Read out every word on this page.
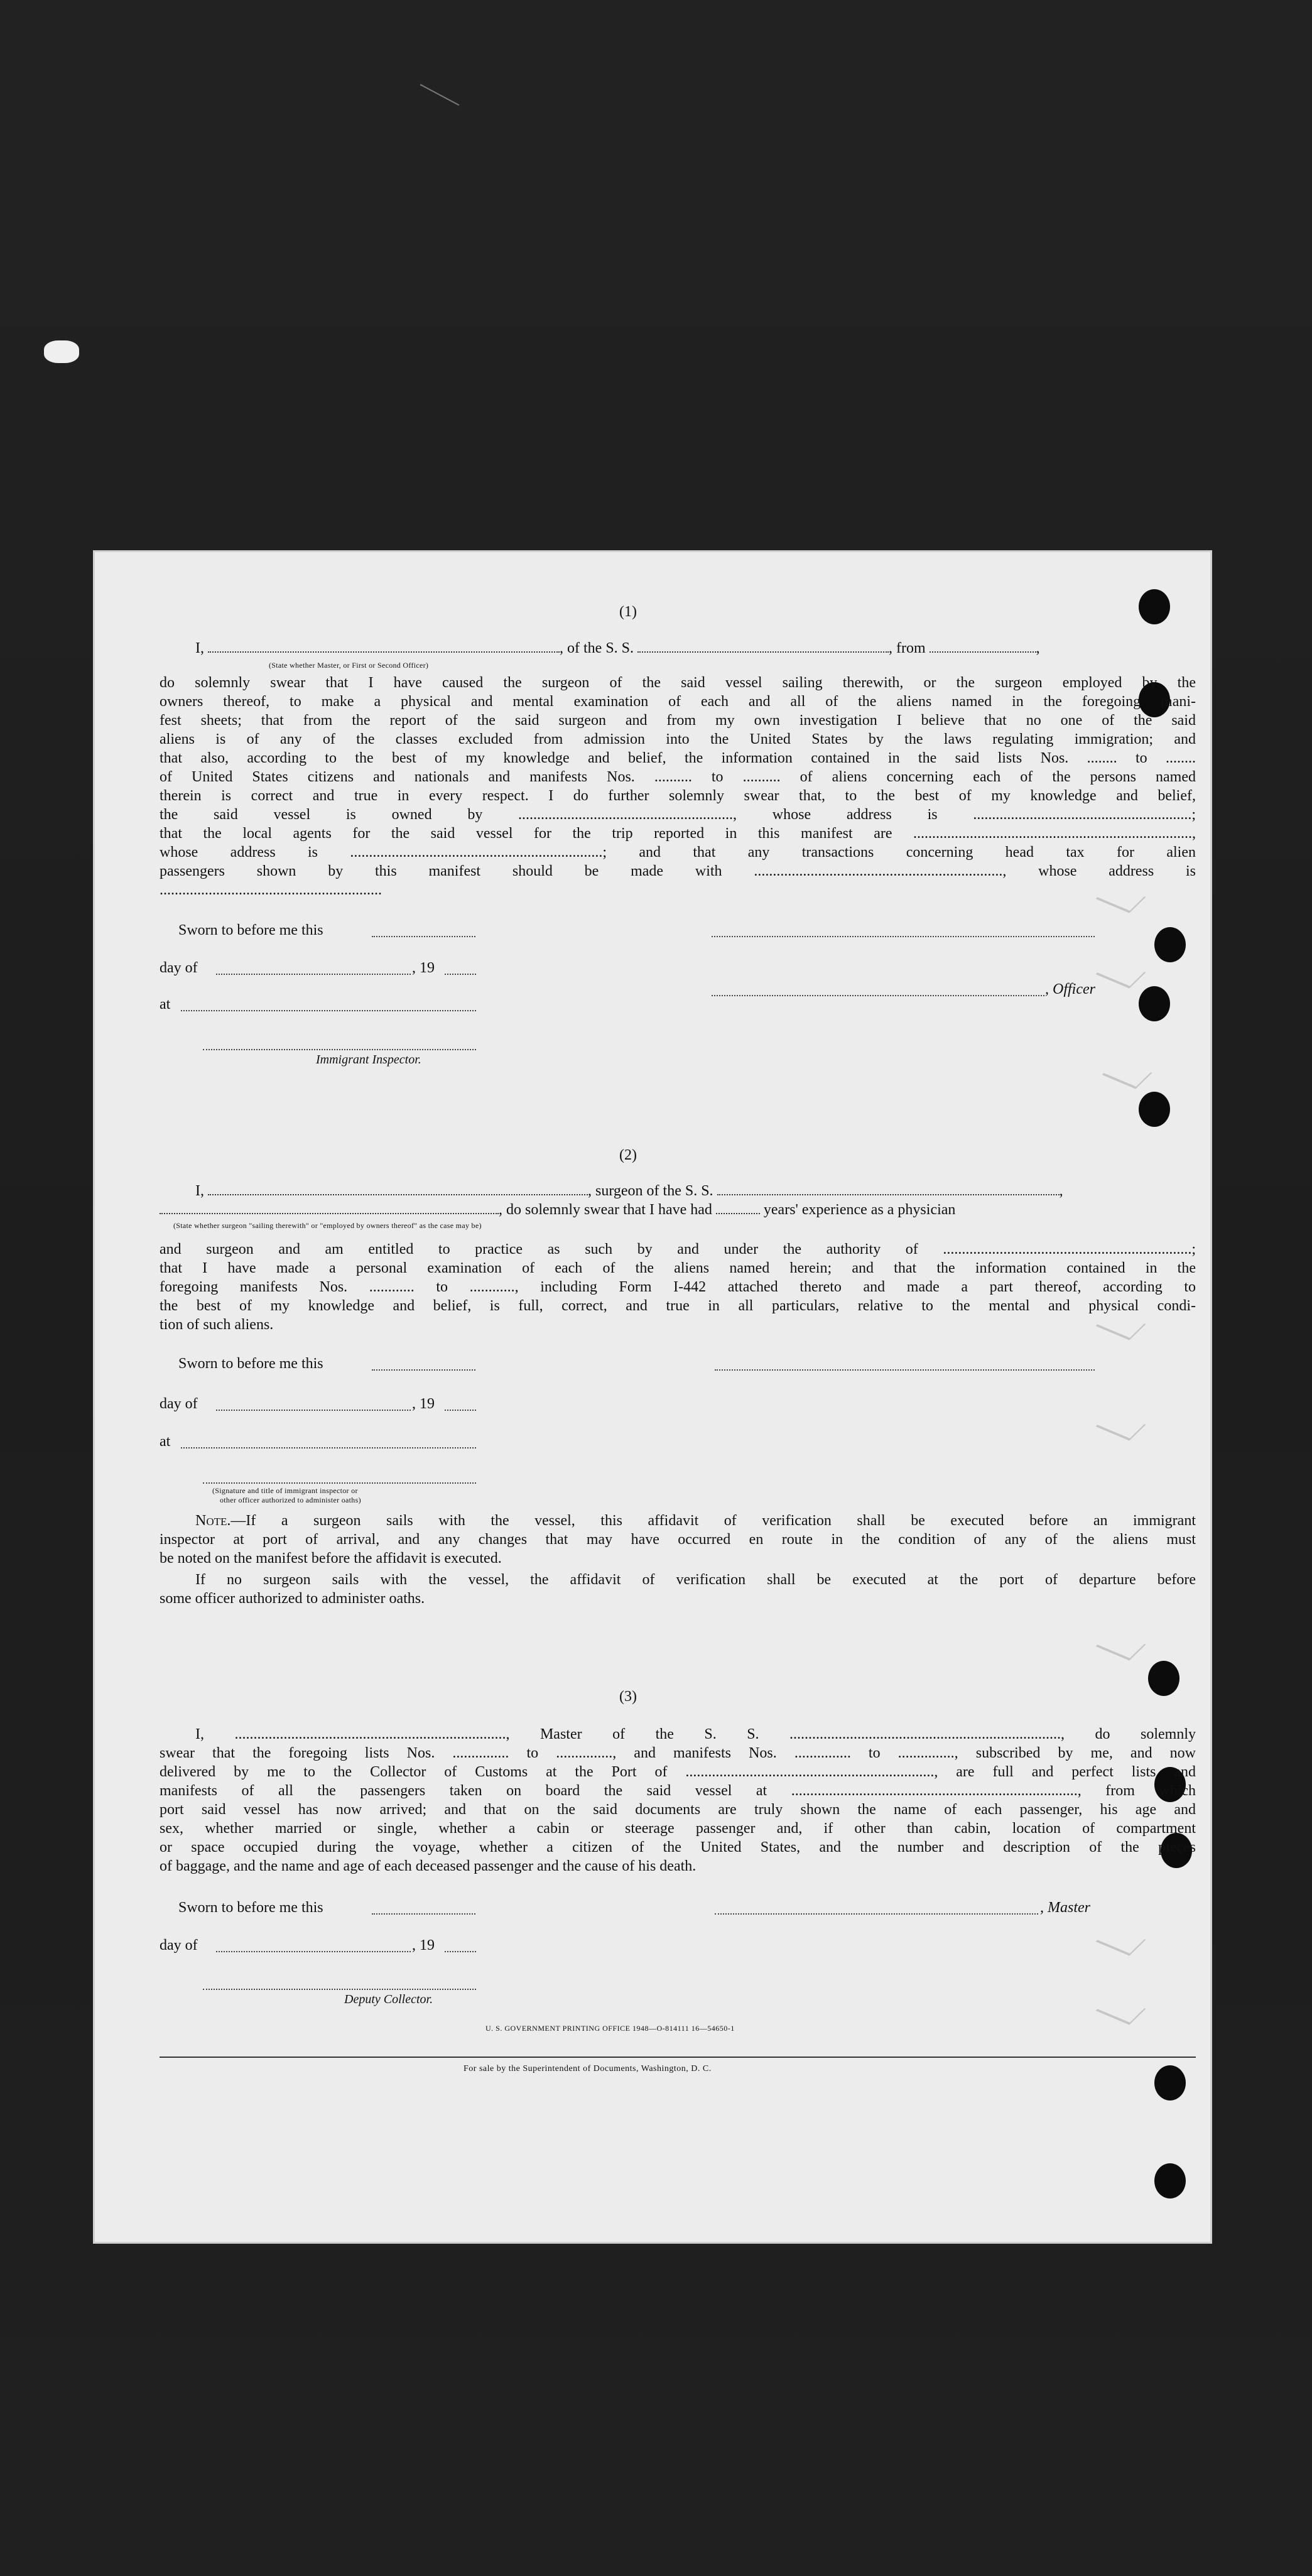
(1)
I,	, of the S. S.	, from	,
(State whether Master, or First or Second Officer)
do solemnly swear that I have caused the surgeon of the said vessel sailing therewith, or the surgeon employed by the
owners thereof, to make a physical and mental examination of each and all of the aliens named in the foregoing mani-
fest sheets; that from the report of the said surgeon and from my own investigation I believe that no one of the said
aliens is of any of the classes excluded from admission into the United States by the laws regulating immigration; and
that also, according to the best of my knowledge and belief, the information contained in the said lists Nos. ........ to ........
of United States citizens and nationals and manifests Nos. .......... to .......... of aliens concerning each of the persons named
therein is correct and true in every respect. I do further solemnly swear that, to the best of my knowledge and belief,
the said vessel is owned by ........................................................., whose address is ..........................................................;
that the local agents for the said vessel for the trip reported in this manifest are ..........................................................................,
whose address is ...................................................................; and that any transactions concerning head tax for alien
passengers shown by this manifest should be made with .................................................................., whose address is
...........................................................
Sworn to before me this
day of	, 19
, Officer
at
Immigrant Inspector.
(2)
I,	, surgeon of the S. S.	,
, do solemnly swear that I have had	years' experience as a physician
(State whether surgeon "sailing therewith" or "employed by owners thereof" as the case may be)
and surgeon and am entitled to practice as such by and under the authority of ..................................................................;
that I have made a personal examination of each of the aliens named herein; and that the information contained in the
foregoing manifests Nos. ............ to ............, including Form I-442 attached thereto and made a part thereof, according to
the best of my knowledge and belief, is full, correct, and true in all particulars, relative to the mental and physical condi-
tion of such aliens.
Sworn to before me this
day of	, 19
at
(Signature and title of immigrant inspector or
other officer authorized to administer oaths)
Note.—If a surgeon sails with the vessel, this affidavit of verification shall be executed before an immigrant
inspector at port of arrival, and any changes that may have occurred en route in the condition of any of the aliens must
be noted on the manifest before the affidavit is executed.
If no surgeon sails with the vessel, the affidavit of verification shall be executed at the port of departure before
some officer authorized to administer oaths.
(3)
I, ........................................................................, Master of the S. S. ........................................................................, do solemnly
swear that the foregoing lists Nos. ............... to ..............., and manifests Nos. ............... to ..............., subscribed by me, and now
delivered by me to the Collector of Customs at the Port of .................................................................., are full and perfect lists and
manifests of all the passengers taken on board the said vessel at ............................................................................, from which
port said vessel has now arrived; and that on the said documents are truly shown the name of each passenger, his age and
sex, whether married or single, whether a cabin or steerage passenger and, if other than cabin, location of compartment
or space occupied during the voyage, whether a citizen of the United States, and the number and description of the pieces
of baggage, and the name and age of each deceased passenger and the cause of his death.
Sworn to before me this	, Master
day of	, 19
Deputy Collector.
U. S. GOVERNMENT PRINTING OFFICE 1948—O-814111 16—54650-1
For sale by the Superintendent of Documents, Washington, D. C.
